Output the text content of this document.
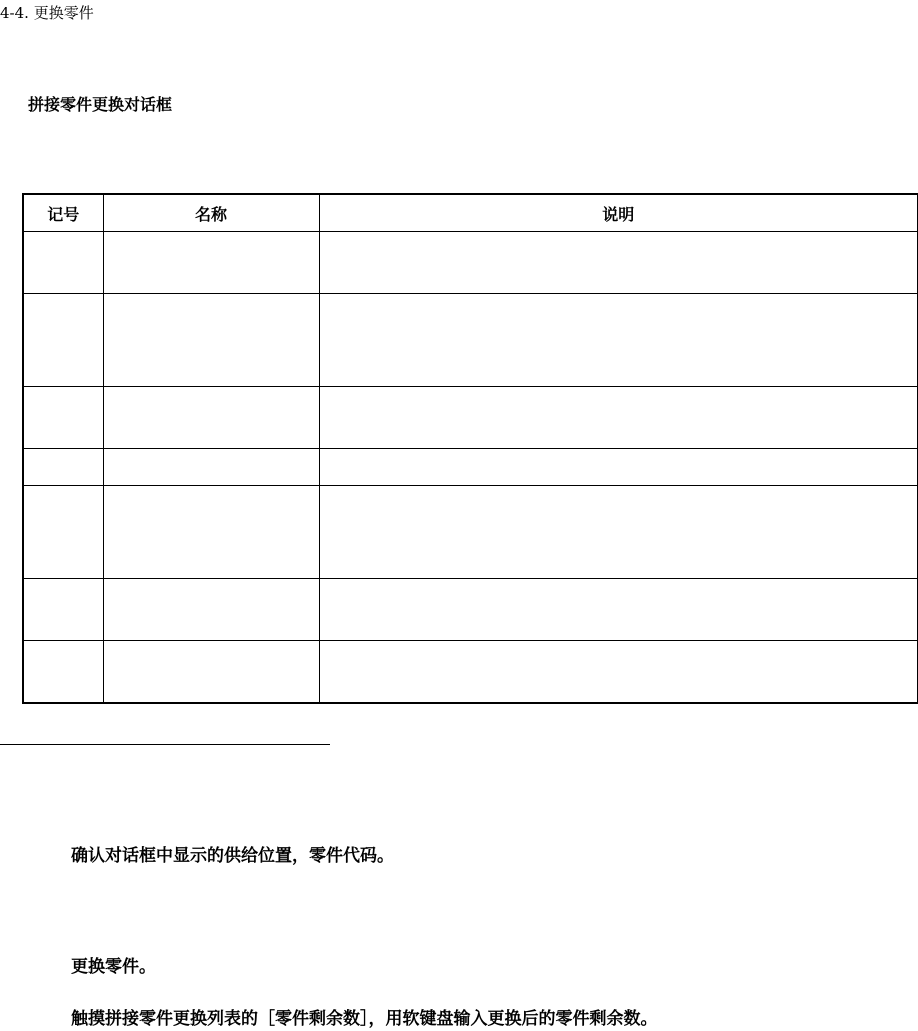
4-4. 更换零件
拼接零件更换对话框
记号	名称	说明

确认对话框中显示的供给位置，零件代码。
更换零件。
触摸拼接零件更换列表的［零件剩余数］，用软键盘输入更换后的零件剩余数。
